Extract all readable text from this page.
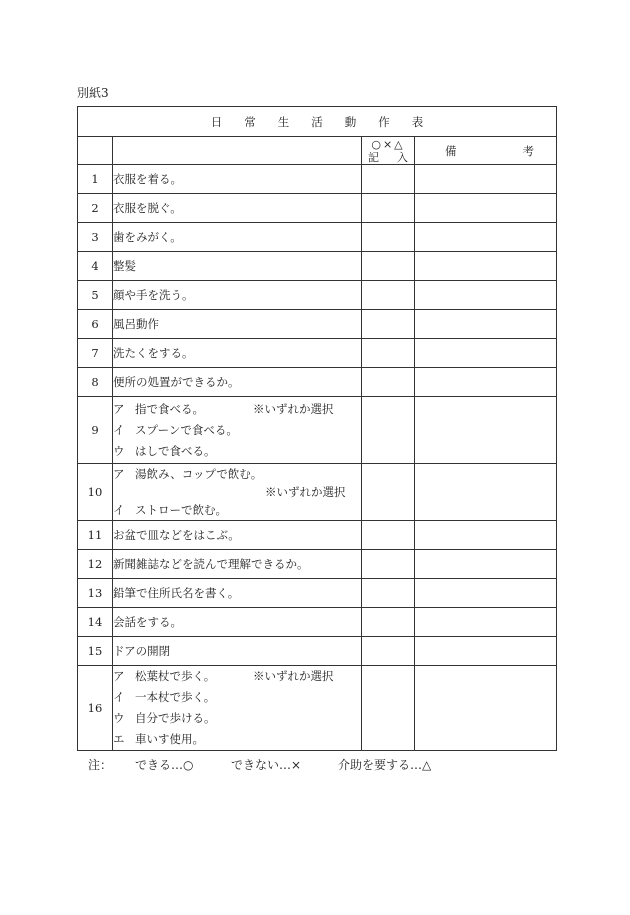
別紙3
日常生活動作表			

		○×△
記 入	備 考
1	衣服を着る。		
2	衣服を脱ぐ。		
3	歯をみがく。		
4	整髪		
5	顔や手を洗う。		
6	風呂動作		
7	洗たくをする。		
8	便所の処置ができるか。		
9	ア 指で食べる。 ※いずれか選択
イ スプーンで食べる。
ウ はしで食べる。		

10	ア 湯飲み、コップで飲む。
※いずれか選択
イ ストローで飲む。		

11	お盆で皿などをはこぶ。		
12	新聞雑誌などを読んで理解できるか。		
13	鉛筆で住所氏名を書く。		
14	会話をする。		
15	ドアの開閉		
16	ア 松葉杖で歩く。 ※いずれか選択
イ 一本杖で歩く。
ウ 自分で歩ける。
エ 車いす使用。		

注： できる…○	できない…×	介助を要する…△
